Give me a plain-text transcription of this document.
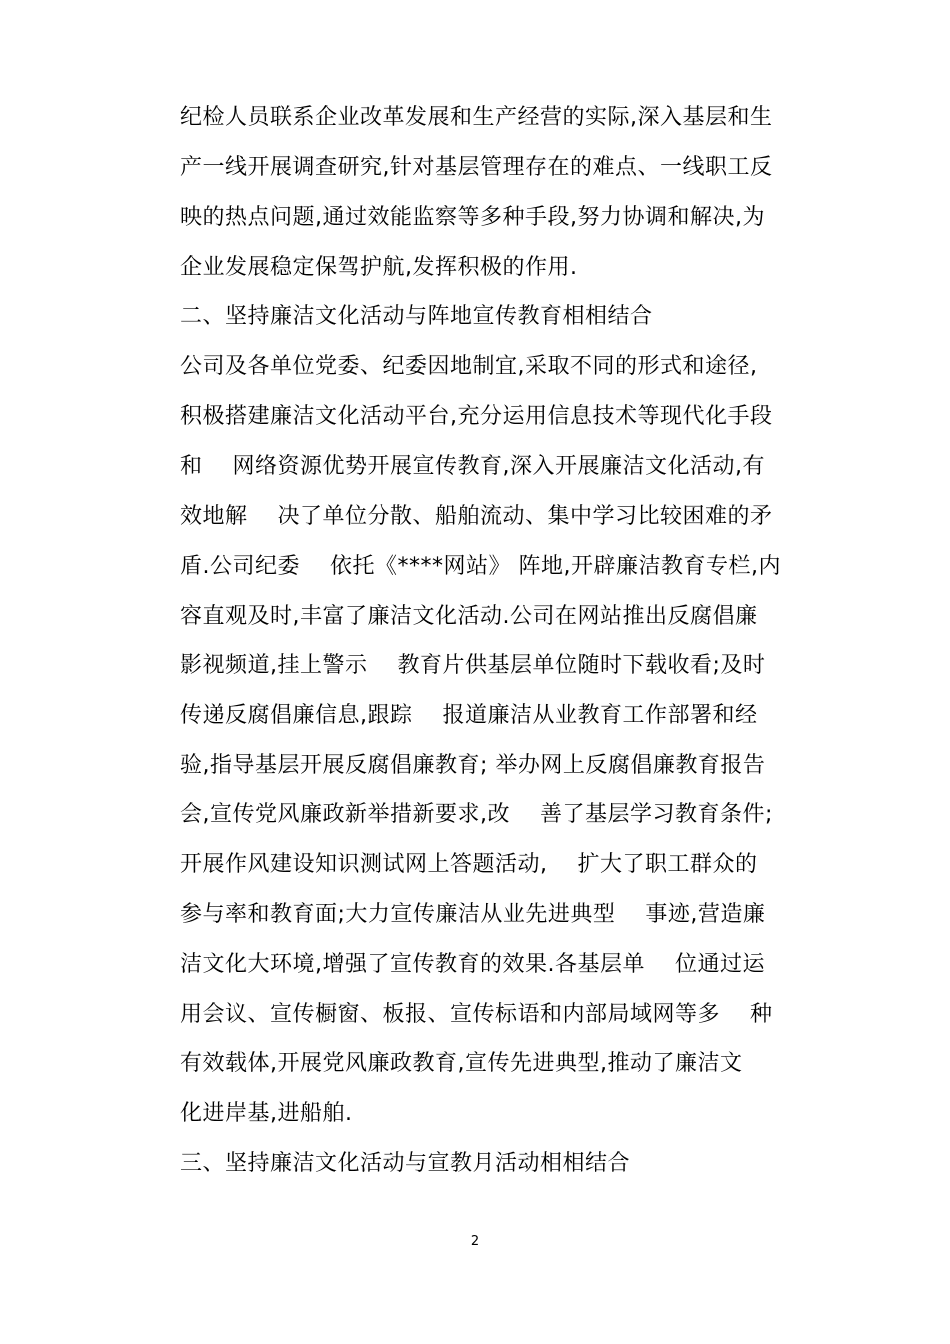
纪检人员联系企业改革发展和生产经营的实际,深入基层和生
产一线开展调查研究,针对基层管理存在的难点、一线职工反
映的热点问题,通过效能监察等多种手段,努力协调和解决,为
企业发展稳定保驾护航,发挥积极的作用.
二、坚持廉洁文化活动与阵地宣传教育相相结合
公司及各单位党委、纪委因地制宜,采取不同的形式和途径,
积极搭建廉洁文化活动平台,充分运用信息技术等现代化手段
和    网络资源优势开展宣传教育,深入开展廉洁文化活动,有
效地解    决了单位分散、船舶流动、集中学习比较困难的矛
盾.公司纪委    依托《****网站》 阵地,开辟廉洁教育专栏,内
容直观及时,丰富了廉洁文化活动.公司在网站推出反腐倡廉
影视频道,挂上警示    教育片供基层单位随时下载收看;及时
传递反腐倡廉信息,跟踪    报道廉洁从业教育工作部署和经
验,指导基层开展反腐倡廉教育; 举办网上反腐倡廉教育报告
会,宣传党风廉政新举措新要求,改    善了基层学习教育条件;
开展作风建设知识测试网上答题活动,    扩大了职工群众的
参与率和教育面;大力宣传廉洁从业先进典型    事迹,营造廉
洁文化大环境,增强了宣传教育的效果.各基层单    位通过运
用会议、宣传橱窗、板报、宣传标语和内部局域网等多    种
有效载体,开展党风廉政教育,宣传先进典型,推动了廉洁文
化进岸基,进船舶.
三、坚持廉洁文化活动与宣教月活动相相结合
2
